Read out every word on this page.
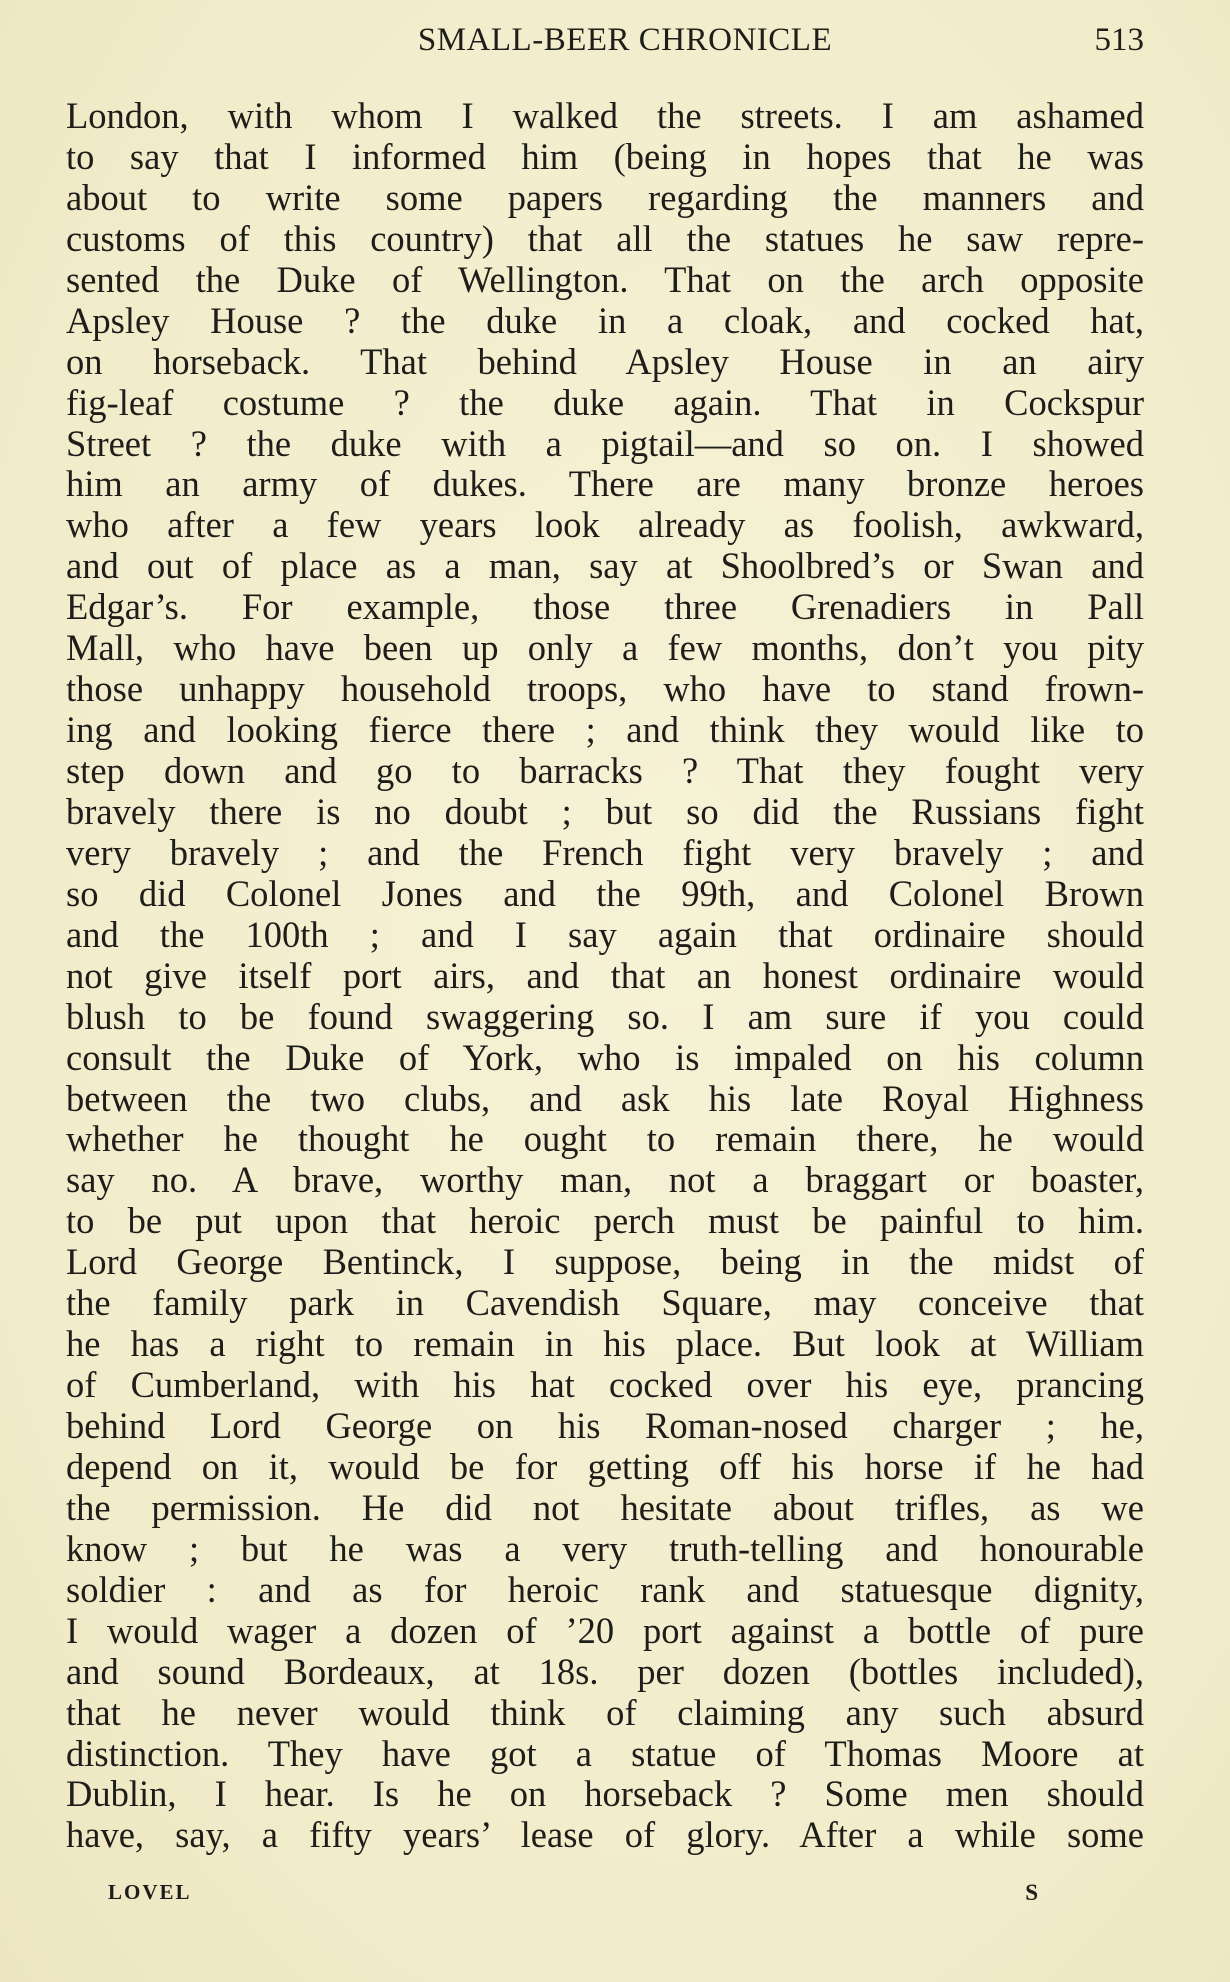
SMALL-BEER CHRONICLE	513
London, with whom I walked the streets. I am ashamed
to say that I informed him (being in hopes that he was
about to write some papers regarding the manners and
customs of this country) that all the statues he saw repre-
sented the Duke of Wellington. That on the arch opposite
Apsley House ? the duke in a cloak, and cocked hat,
on horseback. That behind Apsley House in an airy
fig-leaf costume ? the duke again. That in Cockspur
Street ? the duke with a pigtail—and so on. I showed
him an army of dukes. There are many bronze heroes
who after a few years look already as foolish, awkward,
and out of place as a man, say at Shoolbred’s or Swan and
Edgar’s. For example, those three Grenadiers in Pall
Mall, who have been up only a few months, don’t you pity
those unhappy household troops, who have to stand frown-
ing and looking fierce there ; and think they would like to
step down and go to barracks ? That they fought very
bravely there is no doubt ; but so did the Russians fight
very bravely ; and the French fight very bravely ; and
so did Colonel Jones and the 99th, and Colonel Brown
and the 100th ; and I say again that ordinaire should
not give itself port airs, and that an honest ordinaire would
blush to be found swaggering so. I am sure if you could
consult the Duke of York, who is impaled on his column
between the two clubs, and ask his late Royal Highness
whether he thought he ought to remain there, he would
say no. A brave, worthy man, not a braggart or boaster,
to be put upon that heroic perch must be painful to him.
Lord George Bentinck, I suppose, being in the midst of
the family park in Cavendish Square, may conceive that
he has a right to remain in his place. But look at William
of Cumberland, with his hat cocked over his eye, prancing
behind Lord George on his Roman-nosed charger ; he,
depend on it, would be for getting off his horse if he had
the permission. He did not hesitate about trifles, as we
know ; but he was a very truth-telling and honourable
soldier : and as for heroic rank and statuesque dignity,
I would wager a dozen of ’20 port against a bottle of pure
and sound Bordeaux, at 18s. per dozen (bottles included),
that he never would think of claiming any such absurd
distinction. They have got a statue of Thomas Moore at
Dublin, I hear. Is he on horseback ? Some men should
have, say, a fifty years’ lease of glory. After a while some
LOVEL	S
